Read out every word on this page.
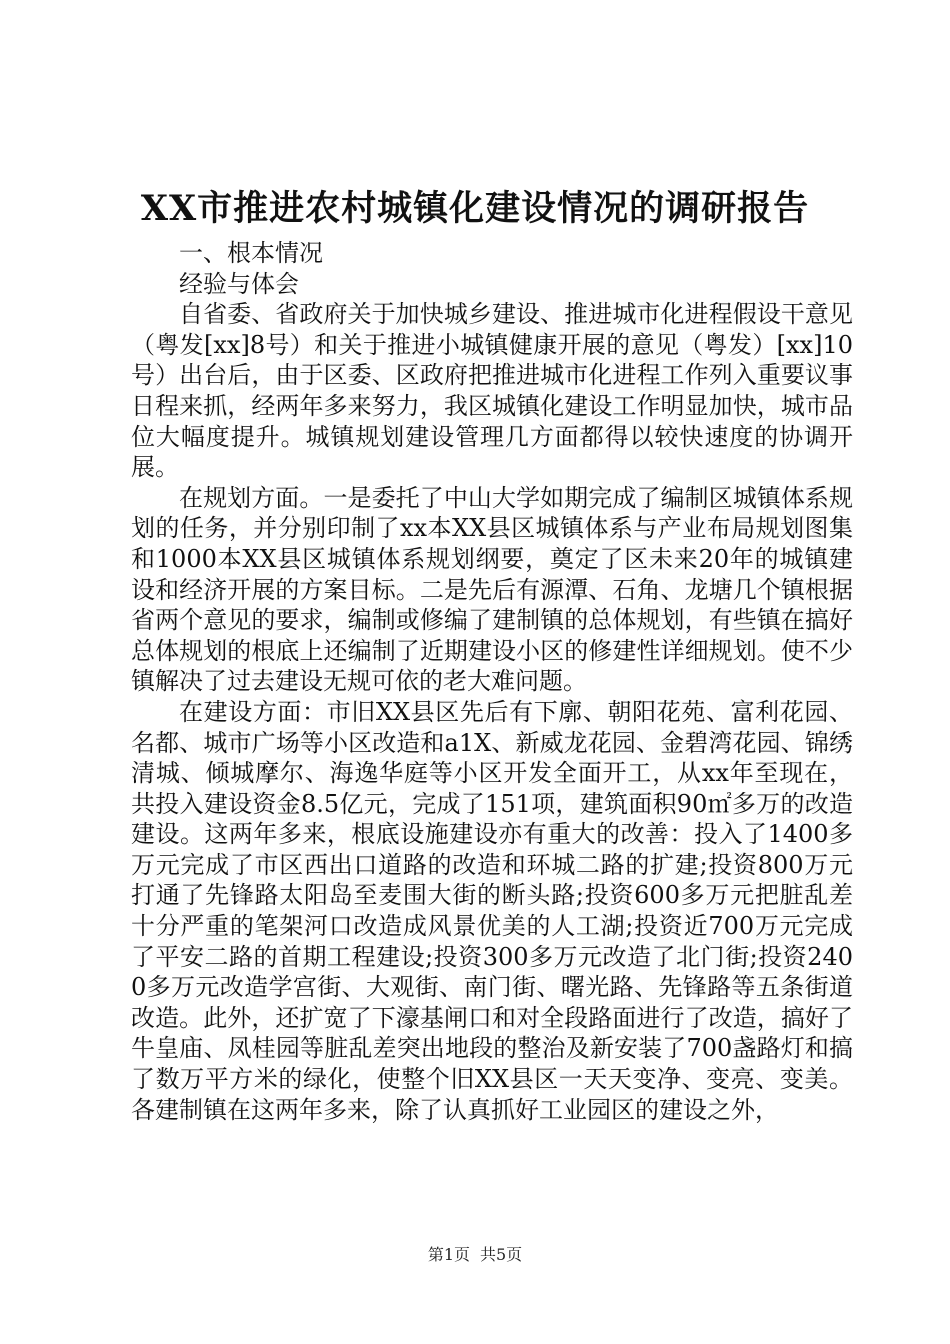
XX市推进农村城镇化建设情况的调研报告

一、根本情况

经验与体会

自省委、省政府关于加快城乡建设、推进城市化进程假设干意见（粤发[xx]8号）和关于推进小城镇健康开展的意见（粤发）[xx]10号）出台后，由于区委、区政府把推进城市化进程工作列入重要议事日程来抓，经两年多来努力，我区城镇化建设工作明显加快，城市品位大幅度提升。城镇规划建设管理几方面都得以较快速度的协调开展。

在规划方面。一是委托了中山大学如期完成了编制区城镇体系规划的任务，并分别印制了xx本XX县区城镇体系与产业布局规划图集和1000本XX县区城镇体系规划纲要，奠定了区未来20年的城镇建设和经济开展的方案目标。二是先后有源潭、石角、龙塘几个镇根据省两个意见的要求，编制或修编了建制镇的总体规划，有些镇在搞好总体规划的根底上还编制了近期建设小区的修建性详细规划。使不少镇解决了过去建设无规可依的老大难问题。

在建设方面：市旧XX县区先后有下廓、朝阳花苑、富利花园、名都、城市广场等小区改造和a1X、新威龙花园、金碧湾花园、锦绣清城、倾城摩尔、海逸华庭等小区开发全面开工，从xx年至现在，共投入建设资金8.5亿元，完成了151项，建筑面积90㎡多万的改造建设。这两年多来，根底设施建设亦有重大的改善：投入了1400多万元完成了市区西出口道路的改造和环城二路的扩建;投资800万元打通了先锋路太阳岛至麦围大街的断头路;投资600多万元把脏乱差十分严重的笔架河口改造成风景优美的人工湖;投资近700万元完成了平安二路的首期工程建设;投资300多万元改造了北门街;投资2400多万元改造学宫街、大观街、南门街、曙光路、先锋路等五条街道改造。此外，还扩宽了下濠基闸口和对全段路面进行了改造，搞好了牛皇庙、凤桂园等脏乱差突出地段的整治及新安装了700盏路灯和搞了数万平方米的绿化，使整个旧XX县区一天天变净、变亮、变美。各建制镇在这两年多来，除了认真抓好工业园区的建设之外，

第1页 共5页
